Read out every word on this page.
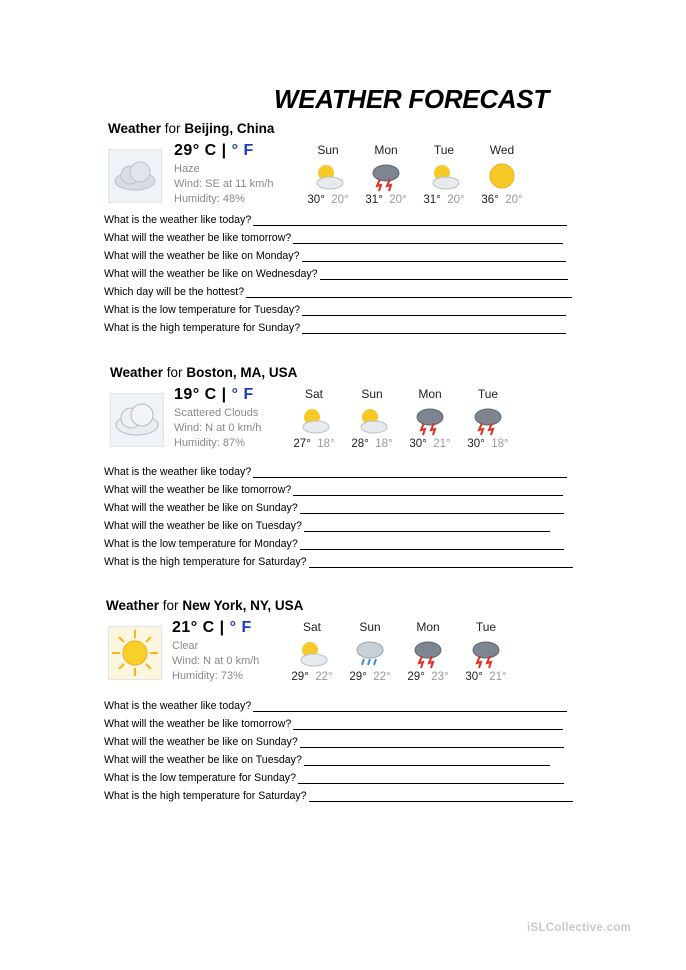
WEATHER FORECAST
Weather for Beijing, China
29° C | ° F
Haze
Wind: SE at 11 km/h
Humidity: 48%
Sun
30° 20°
Mon
31° 20°
Tue
31° 20°
Wed
36° 20°
What is the weather like today?
What will the weather be like tomorrow?
What will the weather be like on Monday?
What will the weather be like on Wednesday?
Which day will be the hottest?
What is the low temperature for Tuesday?
What is the high temperature for Sunday?
Weather for Boston, MA, USA
19° C | ° F
Scattered Clouds
Wind: N at 0 km/h
Humidity: 87%
Sat
27° 18°
Sun
28° 18°
Mon
30° 21°
Tue
30° 18°
What is the weather like today?
What will the weather be like tomorrow?
What will the weather be like on Sunday?
What will the weather be like on Tuesday?
What is the low temperature for Monday?
What is the high temperature for Saturday?
Weather for New York, NY, USA
21° C | ° F
Clear
Wind: N at 0 km/h
Humidity: 73%
Sat
29° 22°
Sun
29° 22°
Mon
29° 23°
Tue
30° 21°
What is the weather like today?
What will the weather be like tomorrow?
What will the weather be like on Sunday?
What will the weather be like on Tuesday?
What is the low temperature for Sunday?
What is the high temperature for Saturday?
iSLCollective.com
